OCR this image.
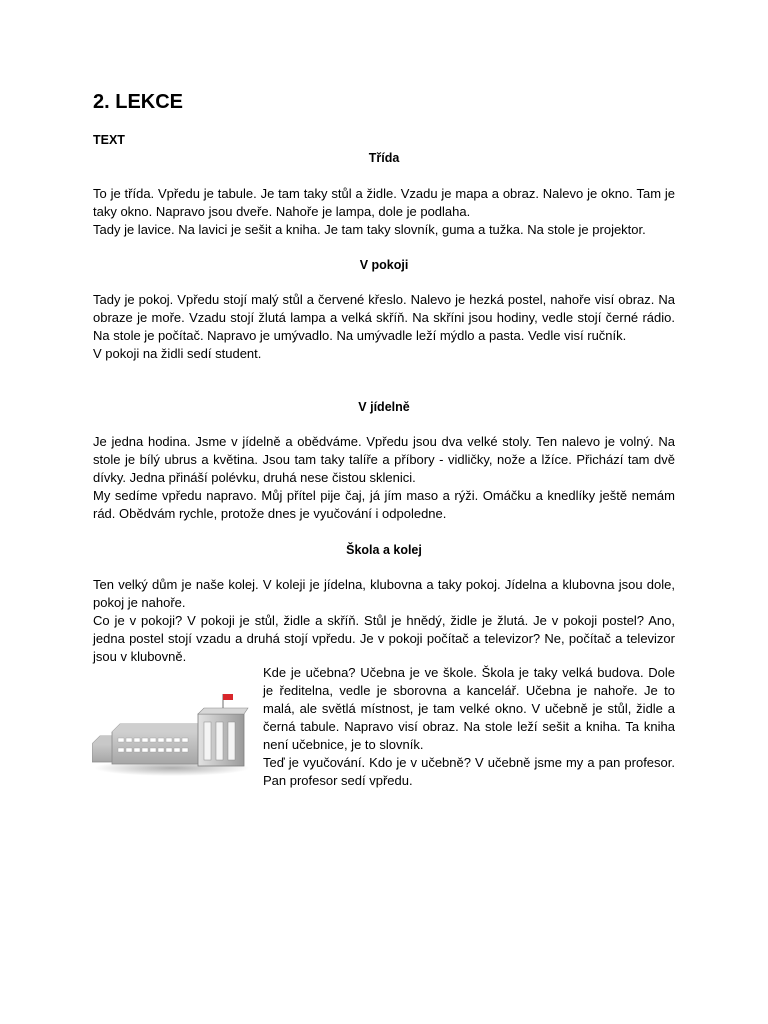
2. LEKCE
TEXT
Třída

To je třída. Vpředu je tabule. Je tam taky stůl a židle. Vzadu je mapa a obraz. Nalevo je okno. Tam je taky okno. Napravo jsou dveře. Nahoře je lampa, dole je podlaha.

Tady je lavice. Na lavici je sešit a kniha. Je tam taky slovník, guma a tužka. Na stole je projektor.

V pokoji

Tady je pokoj. Vpředu stojí malý stůl a červené křeslo. Nalevo je hezká postel, nahoře visí obraz. Na obraze je moře. Vzadu stojí žlutá lampa a velká skříň. Na skříni jsou hodiny, vedle stojí černé rádio. Na stole je počítač. Napravo je umývadlo. Na umývadle leží mýdlo a pasta. Vedle visí ručník.

V pokoji na židli sedí student.

V jídelně

Je jedna hodina. Jsme v jídelně a obědváme. Vpředu jsou dva velké stoly. Ten nalevo je volný. Na stole je bílý ubrus a květina. Jsou tam taky talíře a příbory - vidličky, nože a lžíce. Přichází tam dvě dívky. Jedna přináší polévku, druhá nese čistou sklenici.

My sedíme vpředu napravo. Můj přítel pije čaj, já jím maso a rýži. Omáčku a knedlíky ještě nemám rád. Obědvám rychle, protože dnes je vyučování i odpoledne.

Škola a kolej

Ten velký dům je naše kolej. V koleji je jídelna, klubovna a taky pokoj. Jídelna a klubovna jsou dole, pokoj je nahoře.

Co je v pokoji? V pokoji je stůl, židle a skříň. Stůl je hnědý, židle je žlutá. Je v pokoji postel? Ano, jedna postel stojí vzadu a druhá stojí vpředu. Je v pokoji počítač a televizor? Ne, počítač a televizor jsou v klubovně.

Kde je učebna? Učebna je ve škole. Škola je taky velká budova. Dole je ředitelna, vedle je sborovna a kancelář. Učebna je nahoře. Je to malá, ale světlá místnost, je tam velké okno. V učebně je stůl, židle a černá tabule. Napravo visí obraz. Na stole leží sešit a kniha. Ta kniha není učebnice, je to slovník.

Teď je vyučování. Kdo je v učebně? V učebně jsme my a pan profesor. Pan profesor sedí vpředu.
